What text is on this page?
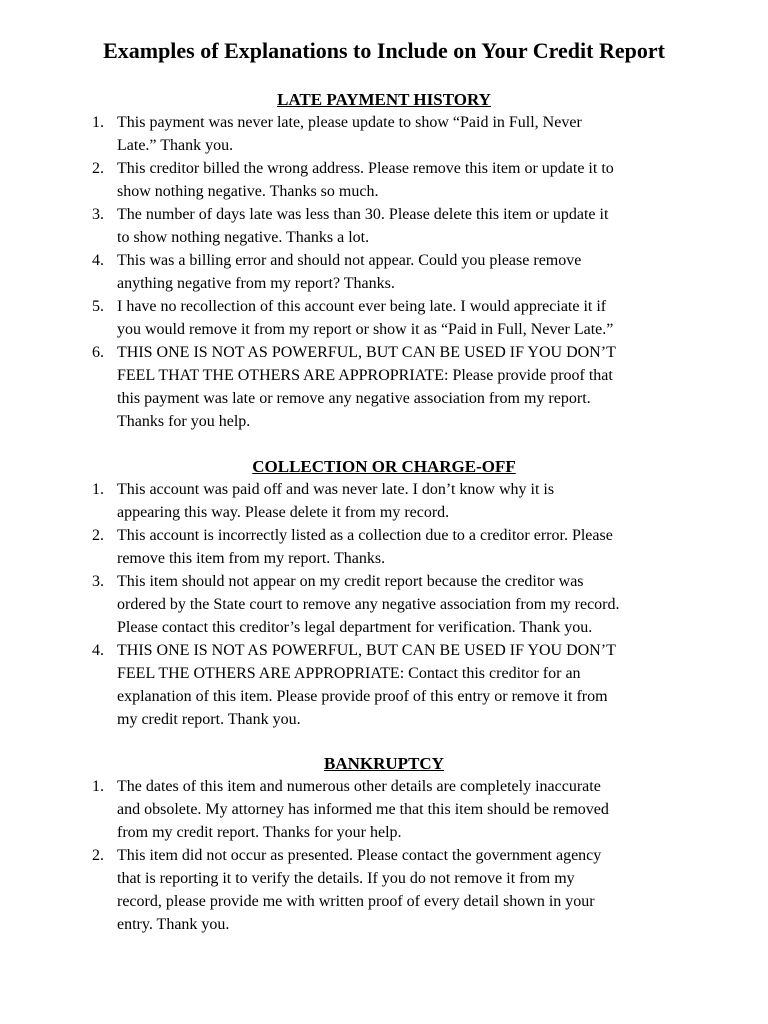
Examples of Explanations to Include on Your Credit Report
LATE PAYMENT HISTORY
1. This payment was never late, please update to show “Paid in Full, Never
Late.” Thank you.
2. This creditor billed the wrong address. Please remove this item or update it to
show nothing negative. Thanks so much.
3. The number of days late was less than 30. Please delete this item or update it
to show nothing negative. Thanks a lot.
4. This was a billing error and should not appear. Could you please remove
anything negative from my report? Thanks.
5. I have no recollection of this account ever being late. I would appreciate it if
you would remove it from my report or show it as “Paid in Full, Never Late.”
6. THIS ONE IS NOT AS POWERFUL, BUT CAN BE USED IF YOU DON’T
FEEL THAT THE OTHERS ARE APPROPRIATE: Please provide proof that
this payment was late or remove any negative association from my report.
Thanks for you help.
COLLECTION OR CHARGE-OFF
1. This account was paid off and was never late. I don’t know why it is
appearing this way. Please delete it from my record.
2. This account is incorrectly listed as a collection due to a creditor error. Please
remove this item from my report. Thanks.
3. This item should not appear on my credit report because the creditor was
ordered by the State court to remove any negative association from my record.
Please contact this creditor’s legal department for verification. Thank you.
4. THIS ONE IS NOT AS POWERFUL, BUT CAN BE USED IF YOU DON’T
FEEL THE OTHERS ARE APPROPRIATE: Contact this creditor for an
explanation of this item. Please provide proof of this entry or remove it from
my credit report. Thank you.
BANKRUPTCY
1. The dates of this item and numerous other details are completely inaccurate
and obsolete. My attorney has informed me that this item should be removed
from my credit report. Thanks for your help.
2. This item did not occur as presented. Please contact the government agency
that is reporting it to verify the details. If you do not remove it from my
record, please provide me with written proof of every detail shown in your
entry. Thank you.
